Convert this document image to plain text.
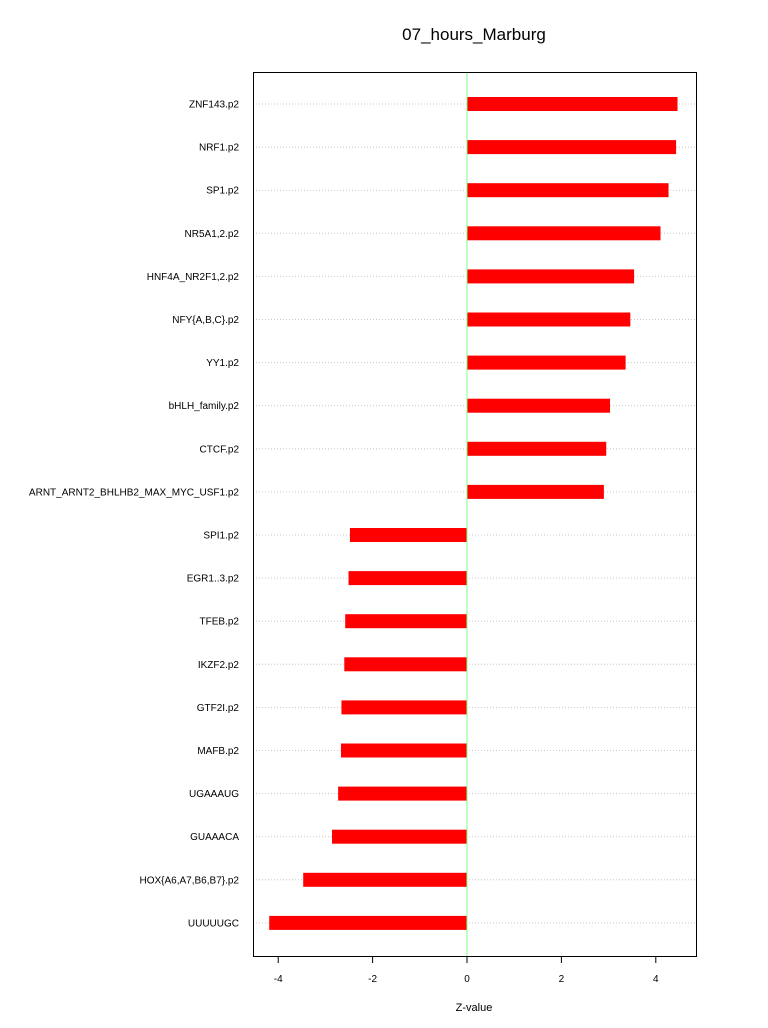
07_hours_Marburg
Z-value
ZNF143.p2
NRF1.p2
SP1.p2
NR5A1,2.p2
HNF4A_NR2F1,2.p2
NFY{A,B,C}.p2
YY1.p2
bHLH_family.p2
CTCF.p2
ARNT_ARNT2_BHLHB2_MAX_MYC_USF1.p2
SPI1.p2
EGR1..3.p2
TFEB.p2
IKZF2.p2
GTF2I.p2
MAFB.p2
UGAAAUG
GUAAACA
HOX{A6,A7,B6,B7}.p2
UUUUUGC
-4	-2	0	2	4
